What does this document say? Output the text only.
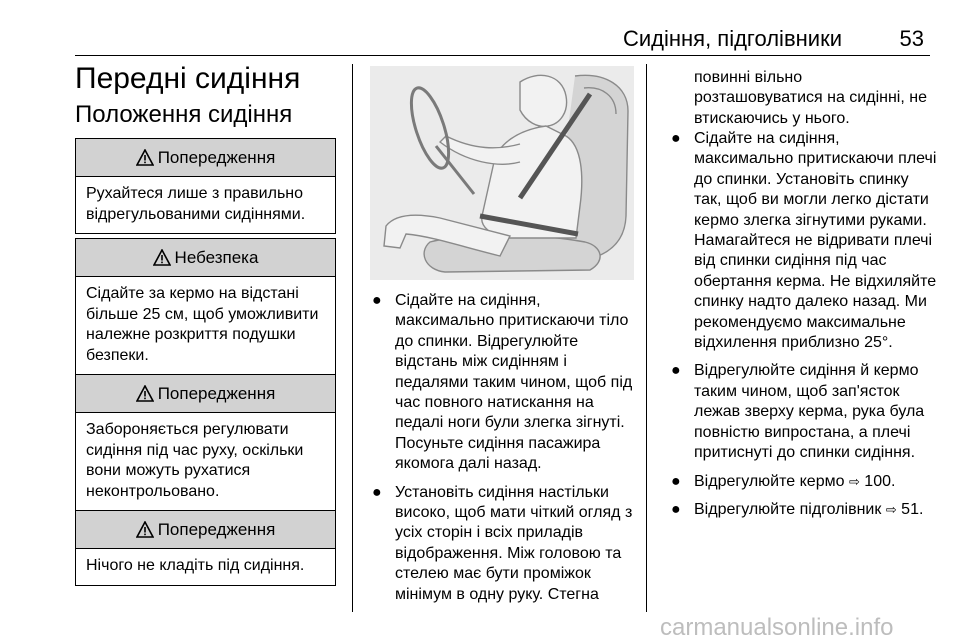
Сидіння, підголівники	53
Передні сидіння
Положення сидіння
Попередження
Рухайтеся лише з правильно відрегульованими сидіннями.
Небезпека
Сідайте за кермо на відстані більше 25 см, щоб уможливити належне розкриття подушки безпеки.
Попередження
Забороняється регулювати сидіння під час руху, оскільки вони можуть рухатися неконтрольовано.
Попередження
Нічого не кладіть під сидіння.
● Сідайте на сидіння, максимально притискаючи тіло до спинки. Відрегулюйте відстань між сидінням і педалями таким чином, щоб під час повного натискання на педалі ноги були злегка зігнуті. Посуньте сидіння пасажира якомога далі назад.
● Установіть сидіння настільки високо, щоб мати чіткий огляд з усіх сторін і всіх приладів відображення. Між головою та стелею має бути проміжок мінімум в одну руку. Стегна
повинні вільно розташовуватися на сидінні, не втискаючись у нього.
● Сідайте на сидіння, максимально притискаючи плечі до спинки. Установіть спинку так, щоб ви могли легко дістати кермо злегка зігнутими руками. Намагайтеся не відривати плечі від спинки сидіння під час обертання керма. Не відхиляйте спинку надто далеко назад. Ми рекомендуємо максимальне відхилення приблизно 25°.
● Відрегулюйте сидіння й кермо таким чином, щоб зап'ясток лежав зверху керма, рука була повністю випростана, а плечі притиснуті до спинки сидіння.
● Відрегулюйте кермо ⇨ 100.
● Відрегулюйте підголівник ⇨ 51.
carmanualsonline.info
